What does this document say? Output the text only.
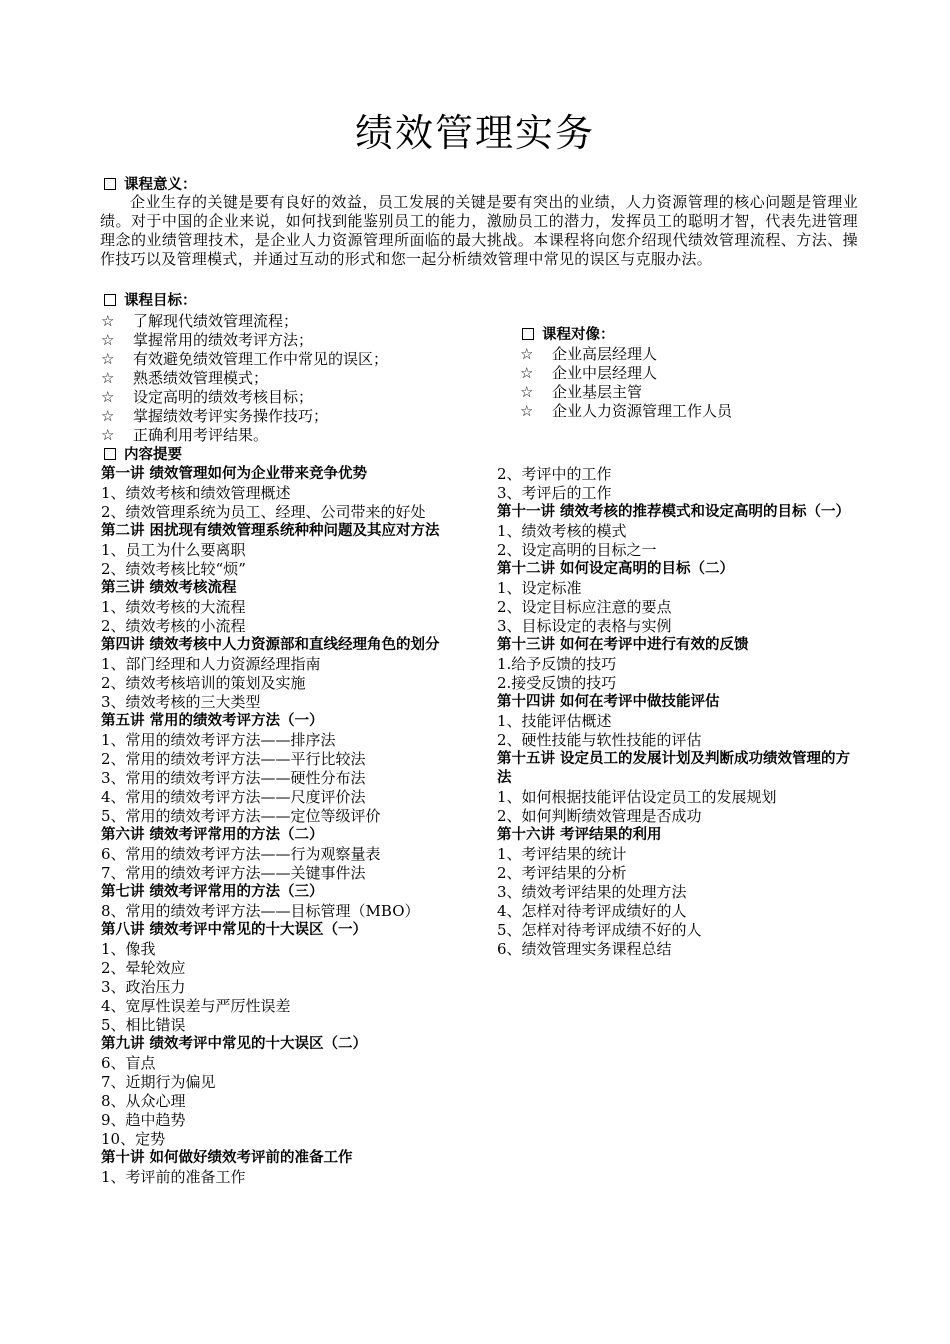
绩效管理实务
课程意义：
企业生存的关键是要有良好的效益，员工发展的关键是要有突出的业绩，人力资源管理的核心问题是管理业绩。对于中国的企业来说，如何找到能鉴别员工的能力，激励员工的潜力，发挥员工的聪明才智，代表先进管理理念的业绩管理技术，是企业人力资源管理所面临的最大挑战。本课程将向您介绍现代绩效管理流程、方法、操作技巧以及管理模式，并通过互动的形式和您一起分析绩效管理中常见的误区与克服办法。
课程目标：
☆ 了解现代绩效管理流程；
☆ 掌握常用的绩效考评方法；
☆ 有效避免绩效管理工作中常见的误区；
☆ 熟悉绩效管理模式；
☆ 设定高明的绩效考核目标；
☆ 掌握绩效考评实务操作技巧；
☆ 正确利用考评结果。
课程对像：
☆ 企业高层经理人
☆ 企业中层经理人
☆ 企业基层主管
☆ 企业人力资源管理工作人员
内容提要
第一讲 绩效管理如何为企业带来竞争优势
1、绩效考核和绩效管理概述
2、绩效管理系统为员工、经理、公司带来的好处
第二讲 困扰现有绩效管理系统种种问题及其应对方法
1、员工为什么要离职
2、绩效考核比较“烦”
第三讲 绩效考核流程
1、绩效考核的大流程
2、绩效考核的小流程
第四讲 绩效考核中人力资源部和直线经理角色的划分
1、部门经理和人力资源经理指南
2、绩效考核培训的策划及实施
3、绩效考核的三大类型
第五讲 常用的绩效考评方法（一）
1、常用的绩效考评方法——排序法
2、常用的绩效考评方法——平行比较法
3、常用的绩效考评方法——硬性分布法
4、常用的绩效考评方法——尺度评价法
5、常用的绩效考评方法——定位等级评价
第六讲 绩效考评常用的方法（二）
6、常用的绩效考评方法——行为观察量表
7、常用的绩效考评方法——关键事件法
第七讲 绩效考评常用的方法（三）
8、常用的绩效考评方法——目标管理（MBO）
第八讲 绩效考评中常见的十大误区（一）
1、像我
2、晕轮效应
3、政治压力
4、宽厚性误差与严厉性误差
5、相比错误
第九讲 绩效考评中常见的十大误区（二）
6、盲点
7、近期行为偏见
8、从众心理
9、趋中趋势
10、定势
第十讲 如何做好绩效考评前的准备工作
1、考评前的准备工作
2、考评中的工作
3、考评后的工作
第十一讲 绩效考核的推荐模式和设定高明的目标（一）
1、绩效考核的模式
2、设定高明的目标之一
第十二讲 如何设定高明的目标（二）
1、设定标准
2、设定目标应注意的要点
3、目标设定的表格与实例
第十三讲 如何在考评中进行有效的反馈
1.给予反馈的技巧
2.接受反馈的技巧
第十四讲 如何在考评中做技能评估
1、技能评估概述
2、硬性技能与软性技能的评估
第十五讲 设定员工的发展计划及判断成功绩效管理的方法
1、如何根据技能评估设定员工的发展规划
2、如何判断绩效管理是否成功
第十六讲 考评结果的利用
1、考评结果的统计
2、考评结果的分析
3、绩效考评结果的处理方法
4、怎样对待考评成绩好的人
5、怎样对待考评成绩不好的人
6、绩效管理实务课程总结
